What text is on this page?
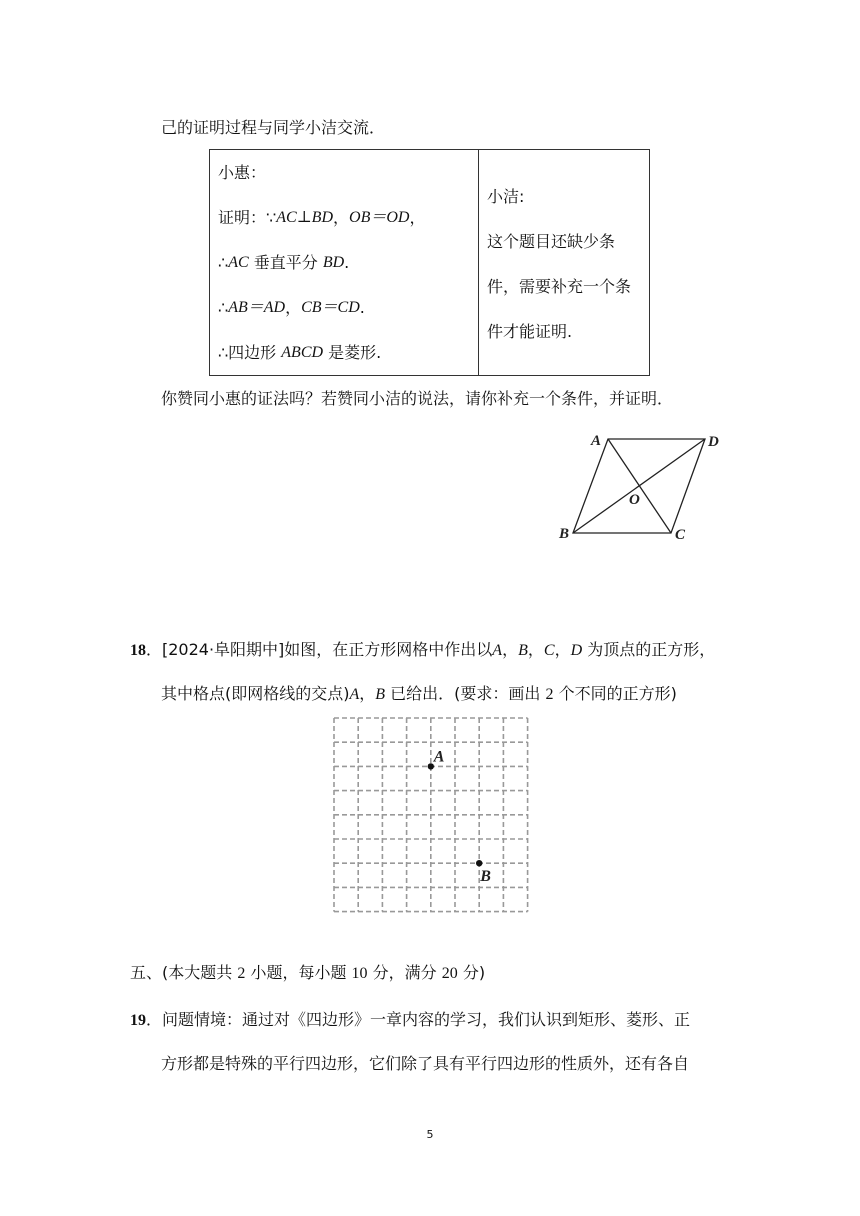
己的证明过程与同学小洁交流．
小惠：
证明：∵ AC⊥BD ， OB＝OD ，
∴ AC 垂直平分 BD .
∴ AB＝AD ， CB＝CD .
∴四边形 ABCD 是菱形.

小洁:
这个题目还缺少条
件，需要补充一个条
件才能证明.
你赞同小惠的证法吗？若赞同小洁的说法，请你补充一个条件，并证明．
A	D
B	C
O
18．[2024·阜阳期中]如图，在正方形网格中作出以A，B，C，D 为顶点的正方形，
其中格点(即网格线的交点)A，B 已给出．(要求：画出 2 个不同的正方形)
A
B
五、(本大题共 2 小题，每小题 10 分，满分 20 分)
19．问题情境：通过对《四边形》一章内容的学习，我们认识到矩形、菱形、正
方形都是特殊的平行四边形，它们除了具有平行四边形的性质外，还有各自
5
